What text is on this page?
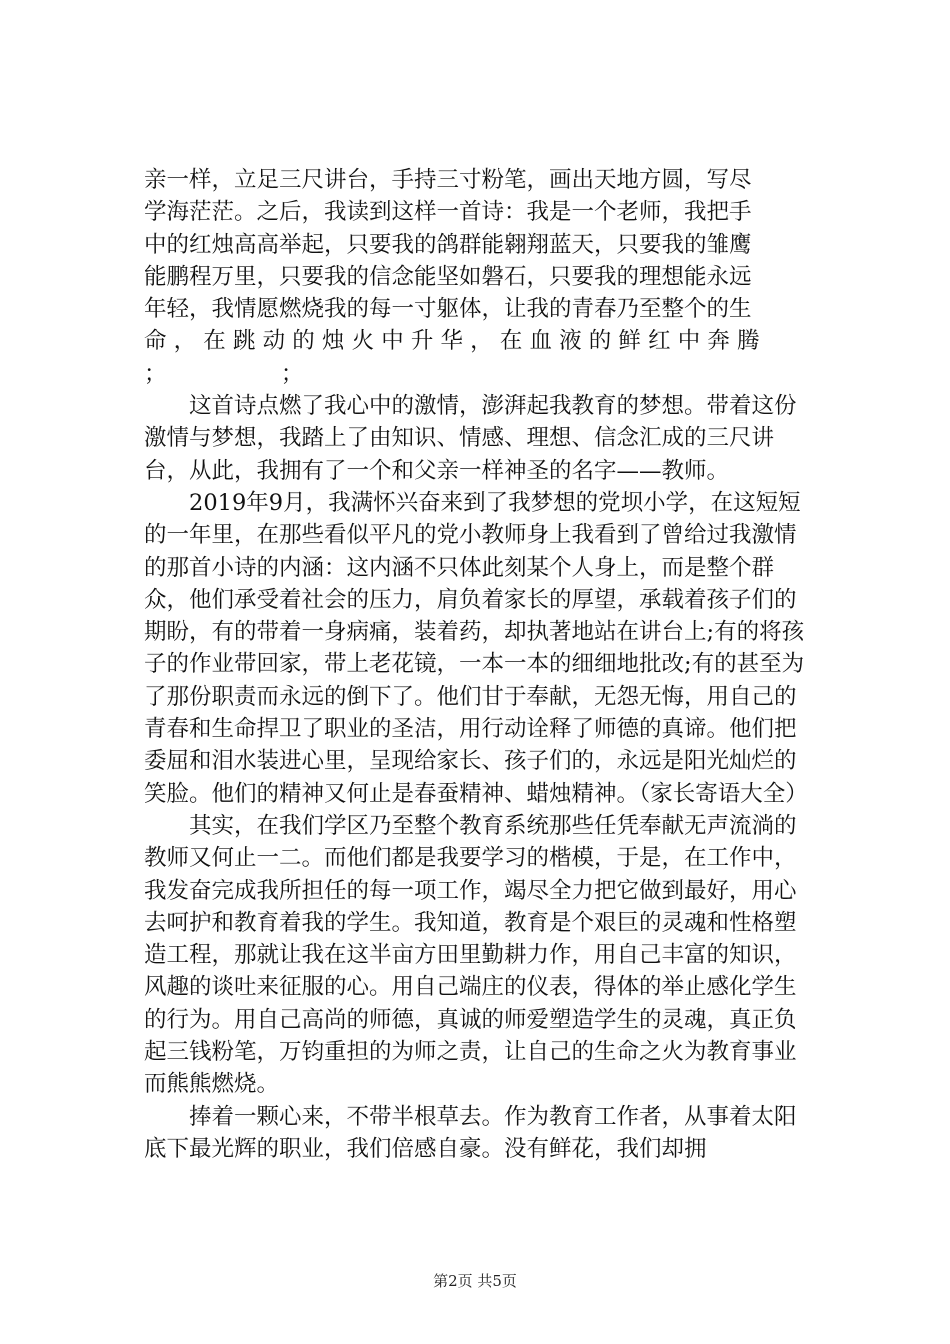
亲一样，立足三尺讲台，手持三寸粉笔，画出天地方圆，写尽
学海茫茫。之后，我读到这样一首诗：我是一个老师，我把手
中的红烛高高举起，只要我的鸽群能翱翔蓝天，只要我的雏鹰
能鹏程万里，只要我的信念能坚如磐石，只要我的理想能永远
年轻，我情愿燃烧我的每一寸躯体，让我的青春乃至整个的生
命 ， 在 跳 动 的 烛 火 中 升 华 ， 在 血 液 的 鲜 红 中 奔 腾
；                ；

这首诗点燃了我心中的激情，澎湃起我教育的梦想。带着这份激情与梦想，我踏上了由知识、情感、理想、信念汇成的三尺讲台，从此，我拥有了一个和父亲一样神圣的名字——教师。

2019年9月，我满怀兴奋来到了我梦想的党坝小学，在这短短的一年里，在那些看似平凡的党小教师身上我看到了曾给过我激情的那首小诗的内涵：这内涵不只体此刻某个人身上，而是整个群众，他们承受着社会的压力，肩负着家长的厚望，承载着孩子们的期盼，有的带着一身病痛，装着药，却执著地站在讲台上;有的将孩子的作业带回家，带上老花镜，一本一本的细细地批改;有的甚至为了那份职责而永远的倒下了。他们甘于奉献，无怨无悔，用自己的青春和生命捍卫了职业的圣洁，用行动诠释了师德的真谛。他们把委屈和泪水装进心里，呈现给家长、孩子们的，永远是阳光灿烂的笑脸。他们的精神又何止是春蚕精神、蜡烛精神。（家长寄语大全）

其实，在我们学区乃至整个教育系统那些任凭奉献无声流淌的教师又何止一二。而他们都是我要学习的楷模，于是，在工作中，我发奋完成我所担任的每一项工作，竭尽全力把它做到最好，用心去呵护和教育着我的学生。我知道，教育是个艰巨的灵魂和性格塑造工程，那就让我在这半亩方田里勤耕力作，用自己丰富的知识，风趣的谈吐来征服的心。用自己端庄的仪表，得体的举止感化学生的行为。用自己高尚的师德，真诚的师爱塑造学生的灵魂，真正负起三钱粉笔，万钧重担的为师之责，让自己的生命之火为教育事业而熊熊燃烧。

捧着一颗心来，不带半根草去。作为教育工作者，从事着太阳底下最光辉的职业，我们倍感自豪。没有鲜花，我们却拥

第2页 共5页
